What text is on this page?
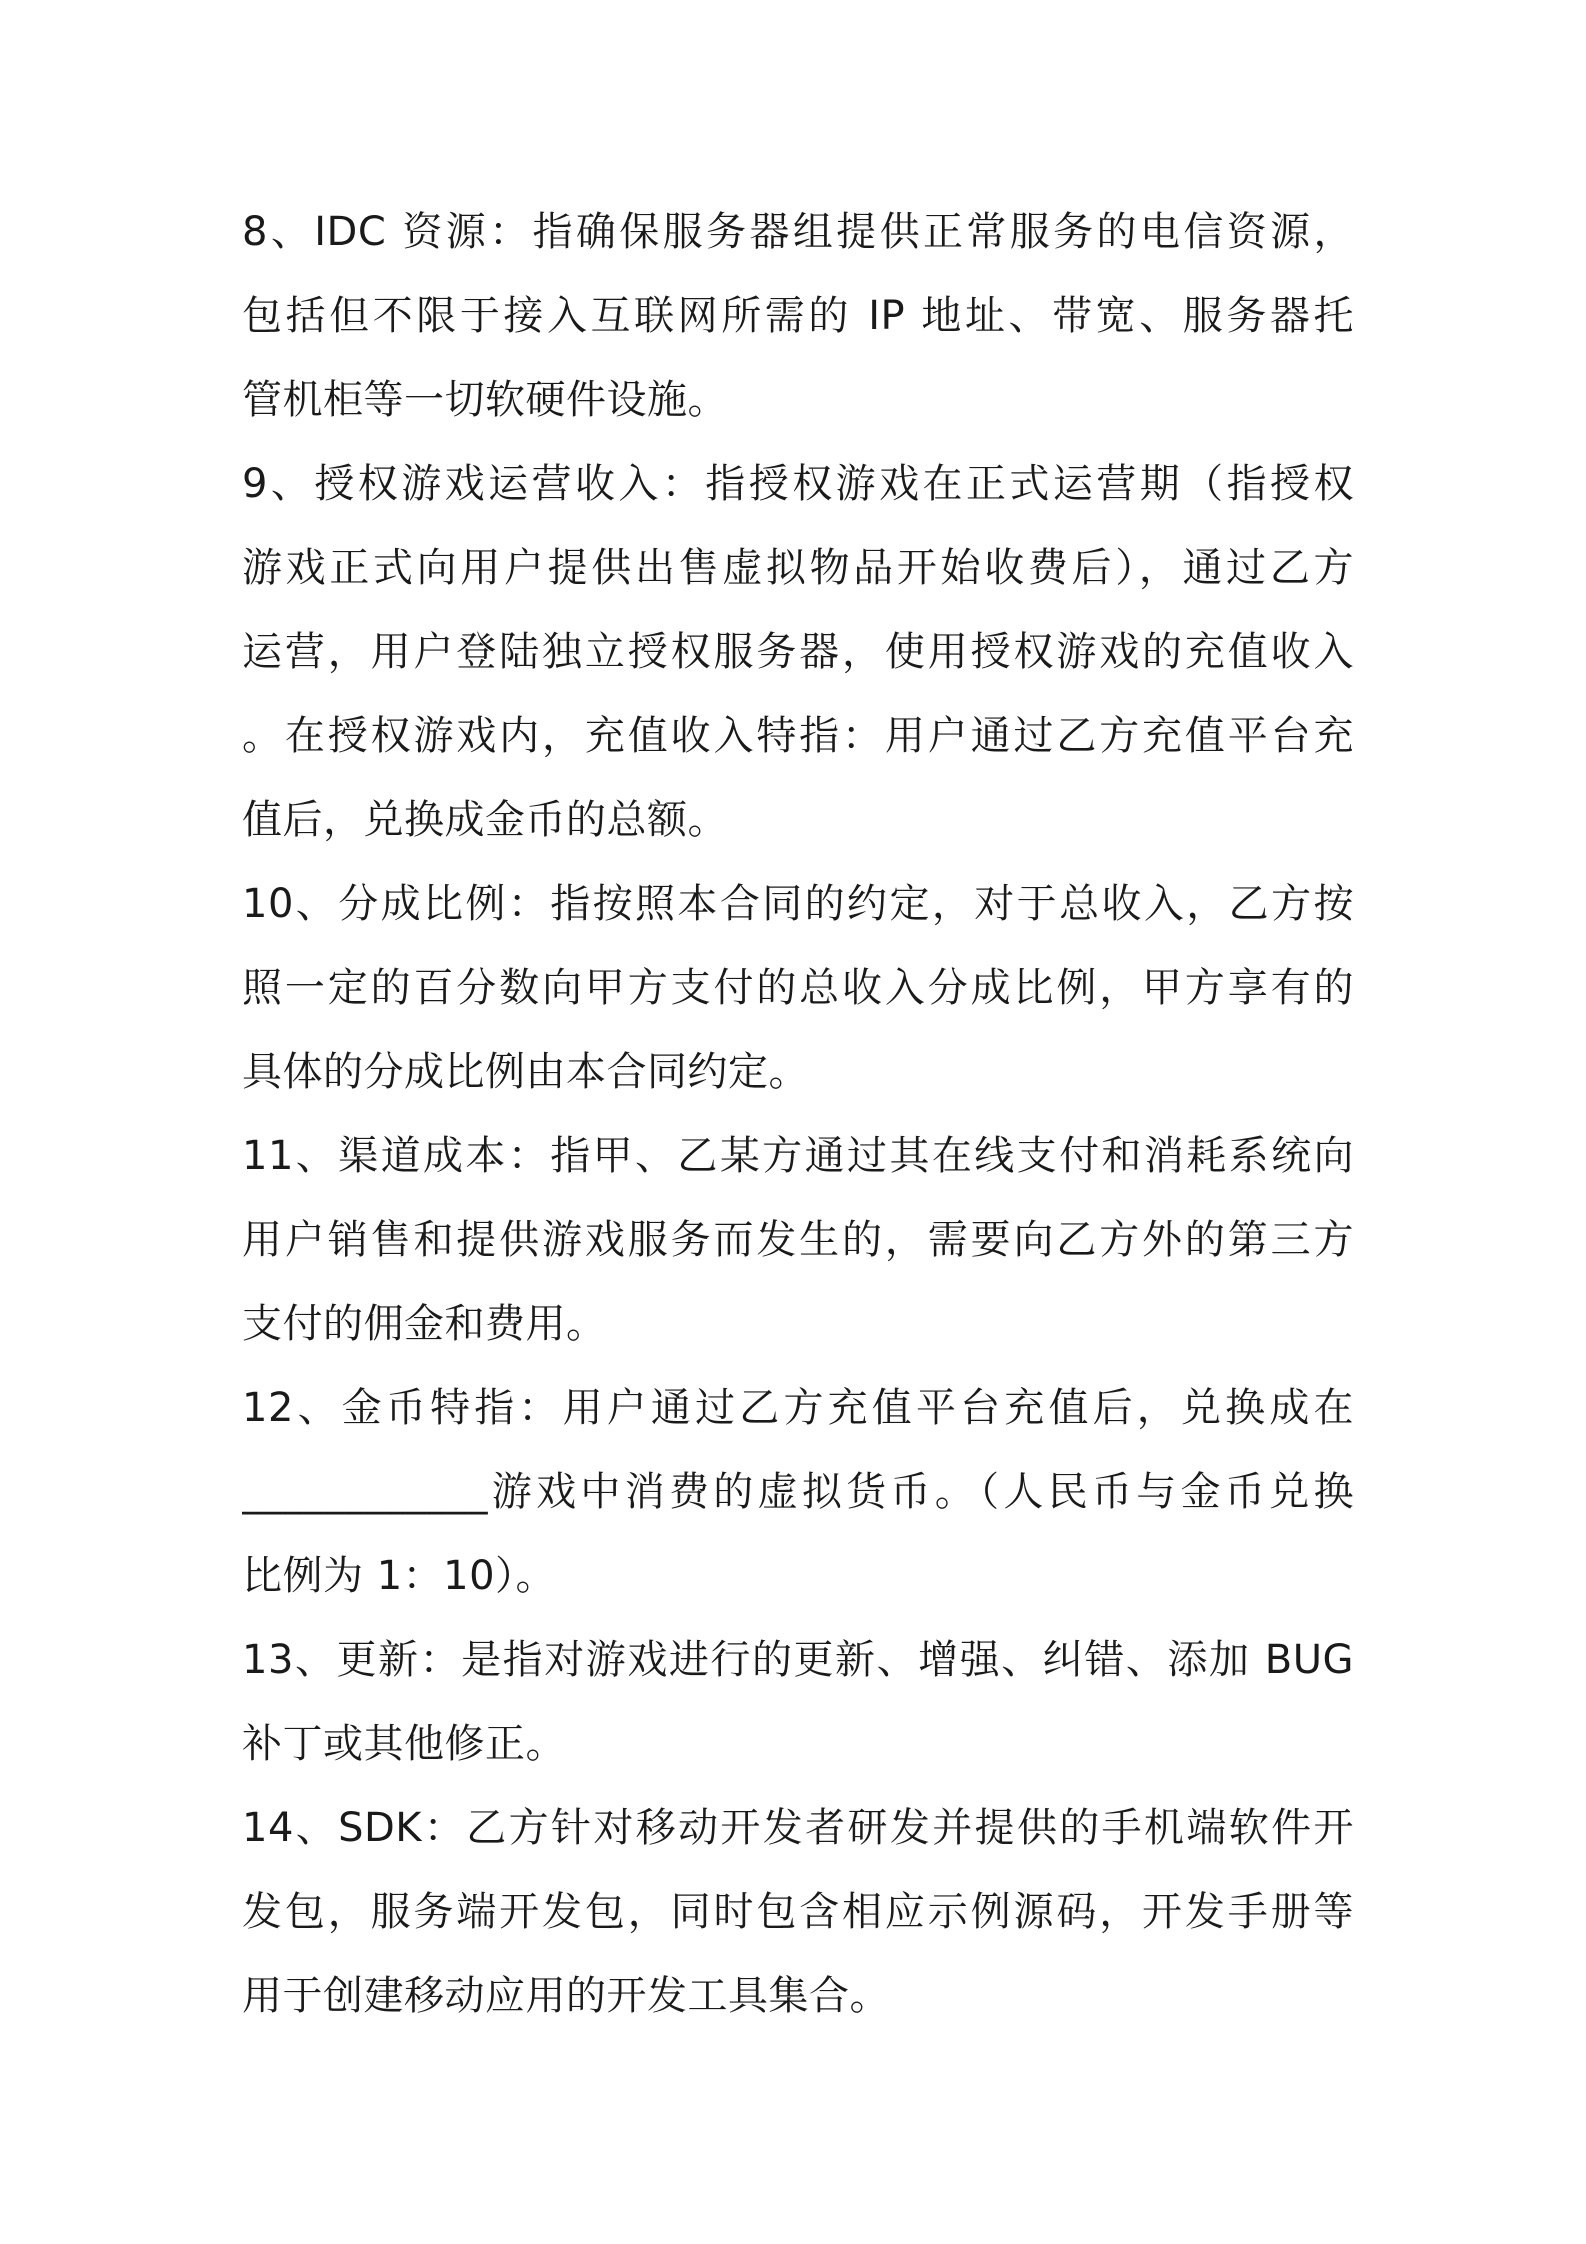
8、IDC 资源：指确保服务器组提供正常服务的电信资源，
包括但不限于接入互联网所需的 IP 地址、带宽、服务器托
管机柜等一切软硬件设施。
9、授权游戏运营收入：指授权游戏在正式运营期（指授权
游戏正式向用户提供出售虚拟物品开始收费后），通过乙方
运营，用户登陆独立授权服务器，使用授权游戏的充值收入
。在授权游戏内，充值收入特指：用户通过乙方充值平台充
值后，兑换成金币的总额。
10、分成比例：指按照本合同的约定，对于总收入，乙方按
照一定的百分数向甲方支付的总收入分成比例，甲方享有的
具体的分成比例由本合同约定。
11、渠道成本：指甲、乙某方通过其在线支付和消耗系统向
用户销售和提供游戏服务而发生的，需要向乙方外的第三方
支付的佣金和费用。
12、金币特指：用户通过乙方充值平台充值后，兑换成在
____________游戏中消费的虚拟货币。（人民币与金币兑换
比例为 1：10）。
13、更新：是指对游戏进行的更新、增强、纠错、添加 BUG
补丁或其他修正。
14、SDK：乙方针对移动开发者研发并提供的手机端软件开
发包，服务端开发包，同时包含相应示例源码，开发手册等
用于创建移动应用的开发工具集合。
